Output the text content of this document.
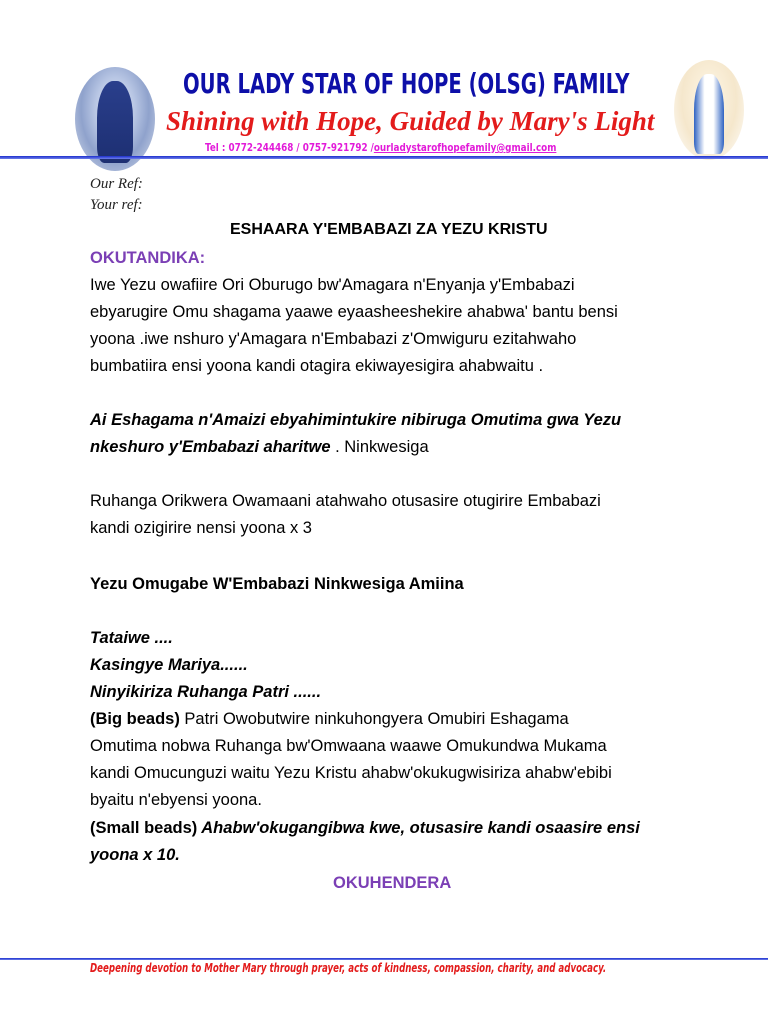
OUR LADY STAR OF HOPE (OLSG) FAMILY
Shining with Hope, Guided by Mary's Light
Tel : 0772-244468 / 0757-921792 /ourladystarofhopefamily@gmail.com
Our Ref:
Your ref:
ESHAARA Y'EMBABAZI ZA YEZU KRISTU
OKUTANDIKA:
Iwe Yezu owafiire Ori Oburugo bw'Amagara n'Enyanja y'Embabazi
ebyarugire Omu shagama yaawe eyaasheeshekire ahabwa' bantu bensi
yoona .iwe nshuro y'Amagara n'Embabazi z'Omwiguru ezitahwaho
bumbatiira ensi yoona kandi otagira ekiwayesigira ahabwaitu .
Ai Eshagama n'Amaizi ebyahimintukire nibiruga Omutima gwa Yezu
nkeshuro y'Embabazi aharitwe . Ninkwesiga
Ruhanga Orikwera Owamaani atahwaho otusasire otugirire Embabazi
kandi ozigirire nensi yoona x 3
Yezu Omugabe W'Embabazi Ninkwesiga Amiina
Tataiwe ....
Kasingye Mariya......
Ninyikiriza Ruhanga Patri ......
(Big beads) Patri Owobutwire ninkuhongyera Omubiri Eshagama
Omutima nobwa Ruhanga bw'Omwaana waawe Omukundwa Mukama
kandi Omucunguzi waitu Yezu Kristu ahabw'okukugwisiriza ahabw'ebibi
byaitu n'ebyensi yoona.
(Small beads) Ahabw'okugangibwa kwe, otusasire kandi osaasire ensi
yoona x 10.
OKUHENDERA
Deepening devotion to Mother Mary through prayer, acts of kindness, compassion, charity, and advocacy.
